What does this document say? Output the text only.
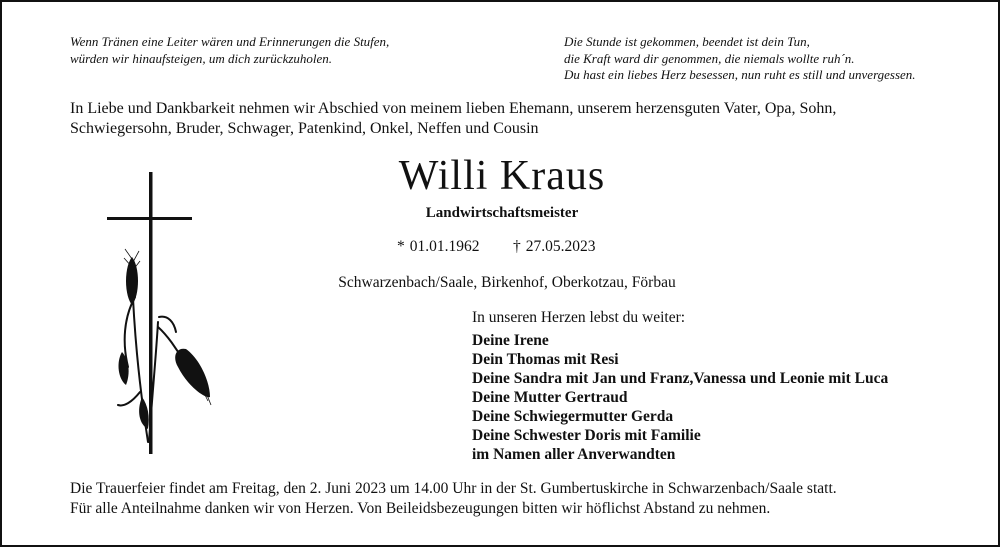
Wenn Tränen eine Leiter wären und Erinnerungen die Stufen,

würden wir hinaufsteigen, um dich zurückzuholen.

Die Stunde ist gekommen, beendet ist dein Tun,

die Kraft ward dir genommen, die niemals wollte ruh´n.

Du hast ein liebes Herz besessen, nun ruht es still und unvergessen.

In Liebe und Dankbarkeit nehmen wir Abschied von meinem lieben Ehemann, unserem herzensguten Vater, Opa, Sohn,

Schwiegersohn, Bruder, Schwager, Patenkind, Onkel, Neffen und Cousin

Willi Kraus
Landwirtschaftsmeister
* 01.01.1962 † 27.05.2023
Schwarzenbach/Saale, Birkenhof, Oberkotzau, Förbau
In unseren Herzen lebst du weiter:
Deine Irene
Dein Thomas mit Resi
Deine Sandra mit Jan und Franz,Vanessa und Leonie mit Luca
Deine Mutter Gertraud
Deine Schwiegermutter Gerda
Deine Schwester Doris mit Familie
im Namen aller Anverwandten

Die Trauerfeier findet am Freitag, den 2. Juni 2023 um 14.00 Uhr in der St. Gumbertuskirche in Schwarzenbach/Saale statt.

Für alle Anteilnahme danken wir von Herzen. Von Beileidsbezeugungen bitten wir höflichst Abstand zu nehmen.
